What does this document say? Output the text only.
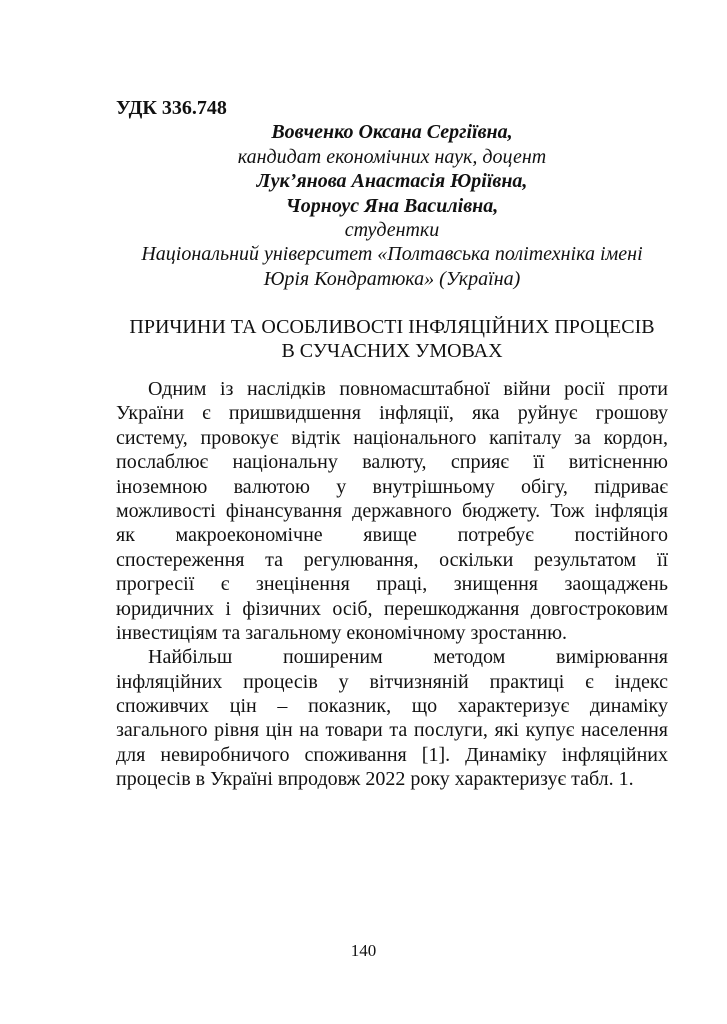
УДК 336.748
Вовченко Оксана Сергіївна,
кандидат економічних наук, доцент
Лук’янова Анастасія Юріївна,
Чорноус Яна Василівна,
студентки
Національний університет «Полтавська політехніка імені
Юрія Кондратюка» (Україна)
ПРИЧИНИ ТА ОСОБЛИВОСТІ ІНФЛЯЦІЙНИХ ПРОЦЕСІВ
В СУЧАСНИХ УМОВАХ
Одним із наслідків повномасштабної війни росії проти
України є пришвидшення інфляції, яка руйнує грошову
систему, провокує відтік національного капіталу за кордон,
послаблює національну валюту, сприяє її витісненню
іноземною валютою у внутрішньому обігу, підриває
можливості фінансування державного бюджету. Тож інфляція
як макроекономічне явище потребує постійного
спостереження та регулювання, оскільки результатом її
прогресії є знецінення праці, знищення заощаджень
юридичних і фізичних осіб, перешкоджання довгостроковим
інвестиціям та загальному економічному зростанню.
Найбільш поширеним методом вимірювання
інфляційних процесів у вітчизняній практиці є індекс
споживчих цін – показник, що характеризує динаміку
загального рівня цін на товари та послуги, які купує населення
для невиробничого споживання [1]. Динаміку інфляційних
процесів в Україні впродовж 2022 року характеризує табл. 1.
140
